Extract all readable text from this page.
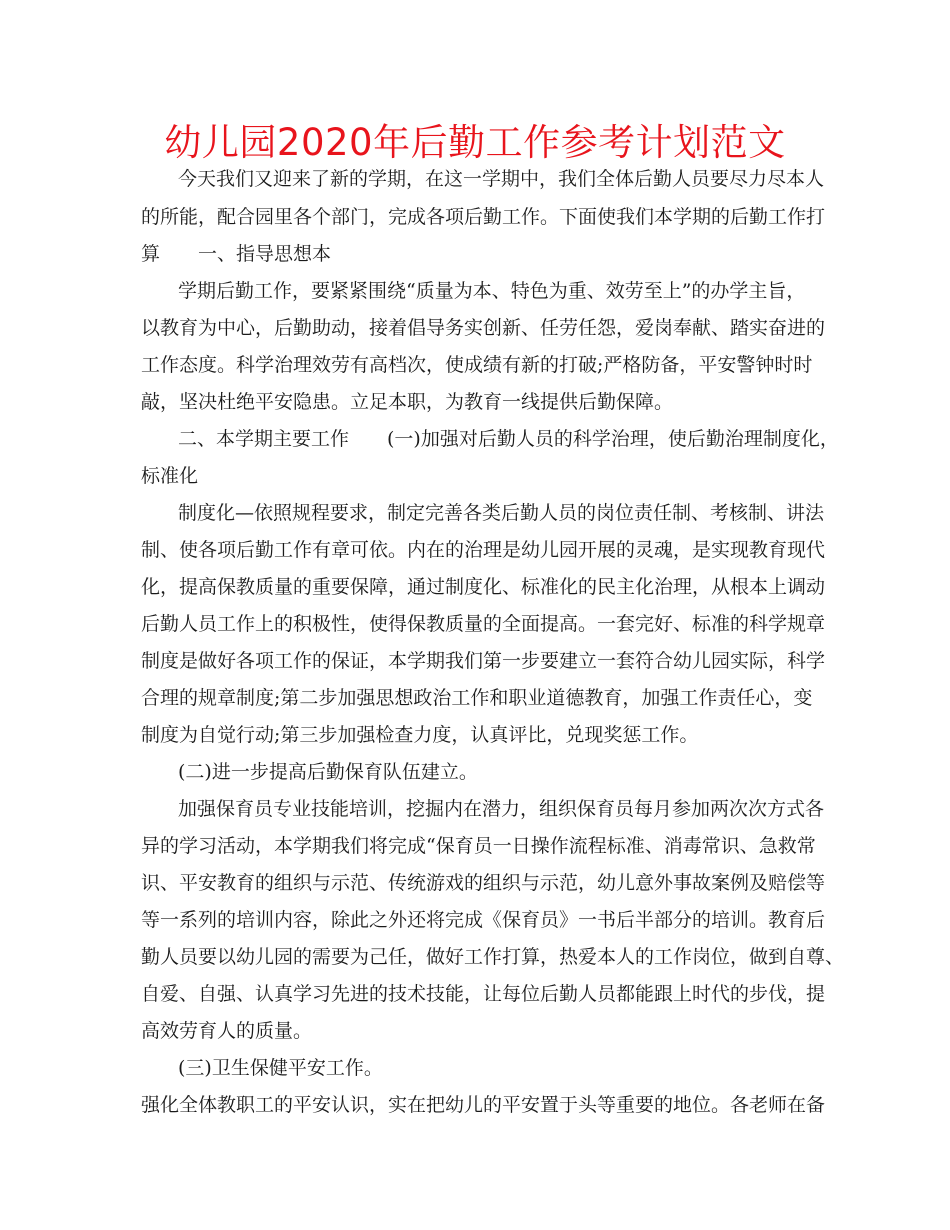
幼儿园2020年后勤工作参考计划范文
今天我们又迎来了新的学期，在这一学期中，我们全体后勤人员要尽力尽本人
的所能，配合园里各个部门，完成各项后勤工作。下面使我们本学期的后勤工作打
算　　一、指导思想本
学期后勤工作，要紧紧围绕“质量为本、特色为重、效劳至上”的办学主旨，
以教育为中心，后勤助动，接着倡导务实创新、任劳任怨，爱岗奉献、踏实奋进的
工作态度。科学治理效劳有高档次，使成绩有新的打破;严格防备，平安警钟时时
敲，坚决杜绝平安隐患。立足本职，为教育一线提供后勤保障。
二、本学期主要工作　　(一)加强对后勤人员的科学治理，使后勤治理制度化，
标准化
制度化—依照规程要求，制定完善各类后勤人员的岗位责任制、考核制、讲法
制、使各项后勤工作有章可依。内在的治理是幼儿园开展的灵魂，是实现教育现代
化，提高保教质量的重要保障，通过制度化、标准化的民主化治理，从根本上调动
后勤人员工作上的积极性，使得保教质量的全面提高。一套完好、标准的科学规章
制度是做好各项工作的保证，本学期我们第一步要建立一套符合幼儿园实际，科学
合理的规章制度;第二步加强思想政治工作和职业道德教育，加强工作责任心，变
制度为自觉行动;第三步加强检查力度，认真评比，兑现奖惩工作。
(二)进一步提高后勤保育队伍建立。
加强保育员专业技能培训，挖掘内在潜力，组织保育员每月参加两次次方式各
异的学习活动，本学期我们将完成“保育员一日操作流程标准、消毒常识、急救常
识、平安教育的组织与示范、传统游戏的组织与示范，幼儿意外事故案例及赔偿等
等一系列的培训内容，除此之外还将完成《保育员》一书后半部分的培训。教育后
勤人员要以幼儿园的需要为己任，做好工作打算，热爱本人的工作岗位，做到自尊、
自爱、自强、认真学习先进的技术技能，让每位后勤人员都能跟上时代的步伐，提
高效劳育人的质量。
(三)卫生保健平安工作。
强化全体教职工的平安认识，实在把幼儿的平安置于头等重要的地位。各老师在备
